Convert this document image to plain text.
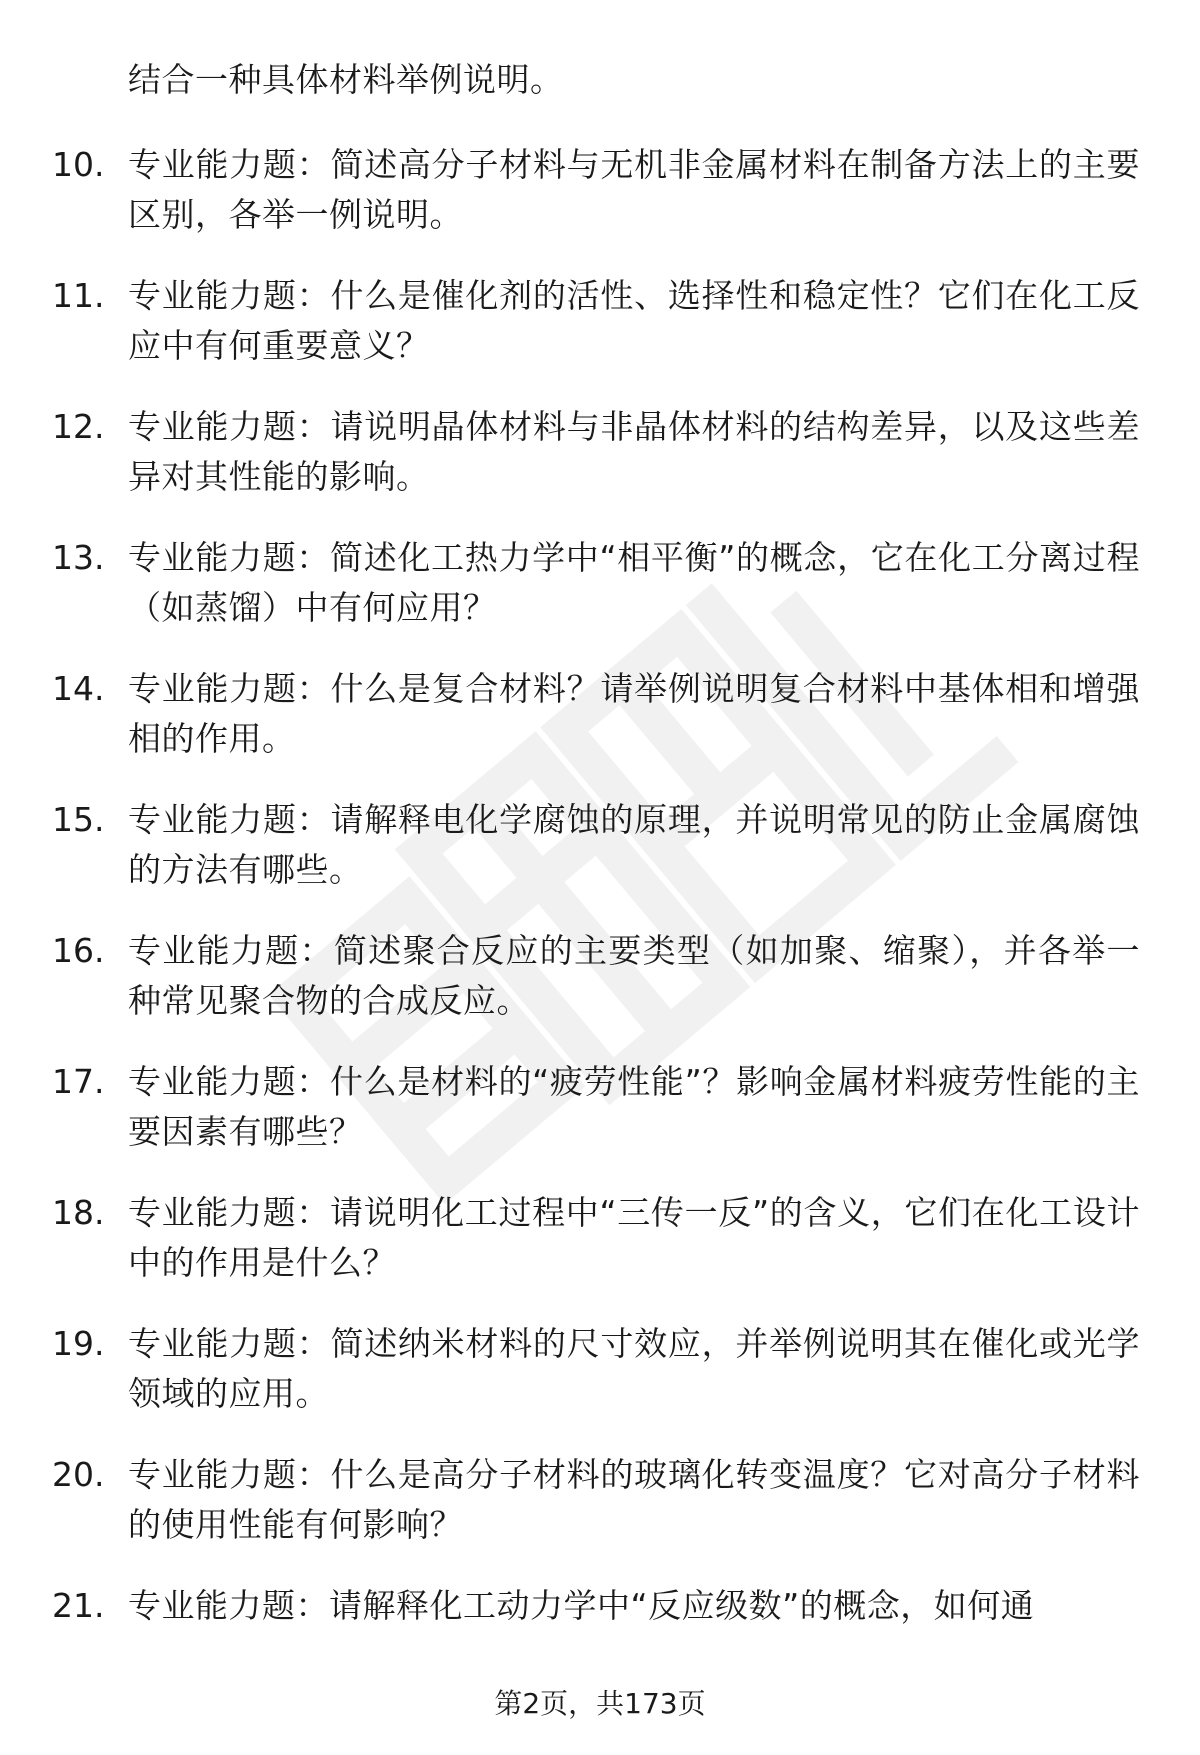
结合一种具体材料举例说明。
10. 专业能力题：简述高分子材料与无机非金属材料在制备方法上的主要区别，各举一例说明。
11. 专业能力题：什么是催化剂的活性、选择性和稳定性？它们在化工反应中有何重要意义？
12. 专业能力题：请说明晶体材料与非晶体材料的结构差异，以及这些差异对其性能的影响。
13. 专业能力题：简述化工热力学中“相平衡”的概念，它在化工分离过程（如蒸馏）中有何应用？
14. 专业能力题：什么是复合材料？请举例说明复合材料中基体相和增强相的作用。
15. 专业能力题：请解释电化学腐蚀的原理，并说明常见的防止金属腐蚀的方法有哪些。
16. 专业能力题：简述聚合反应的主要类型（如加聚、缩聚），并各举一种常见聚合物的合成反应。
17. 专业能力题：什么是材料的“疲劳性能”？影响金属材料疲劳性能的主要因素有哪些？
18. 专业能力题：请说明化工过程中“三传一反”的含义，它们在化工设计中的作用是什么？
19. 专业能力题：简述纳米材料的尺寸效应，并举例说明其在催化或光学领域的应用。
20. 专业能力题：什么是高分子材料的玻璃化转变温度？它对高分子材料的使用性能有何影响？
21. 专业能力题：请解释化工动力学中“反应级数”的概念，如何通
第2页，共173页
